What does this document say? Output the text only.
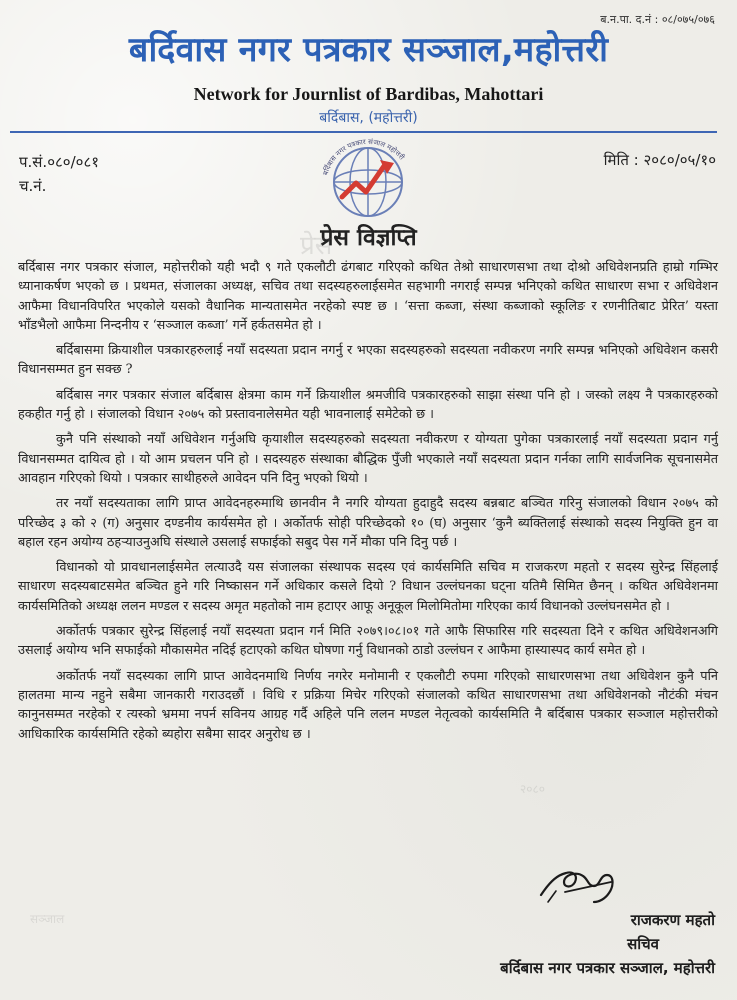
ब.न.पा. द.नं : ०८/०७५/०७६
बर्दिवास नगर पत्रकार सञ्जाल,महोत्तरी
Network for Journlist of Bardibas, Mahottari
बर्दिबास, (महोत्तरी)
प.सं.०८०/०८१
च.नं.
मिति : २०८०/०५/१०
बर्दिबास नगर पत्रकार संजाल महोत्तरी
प्रेस विज्ञप्ति

बर्दिबास नगर पत्रकार संजाल, महोत्तरीको यही भदौ ९ गते एकलौटी ढंगबाट गरिएको कथित तेश्रो साधारणसभा तथा दोश्रो अधिवेशनप्रति हाम्रो गम्भिर ध्यानाकर्षण भएको छ । प्रथमत, संजालका अध्यक्ष, सचिव तथा सदस्यहरुलाईसमेत सहभागी नगराई सम्पन्न भनिएको कथित साधारण सभा र अधिवेशन आफैमा विधानविपरित भएकोले यसको वैधानिक मान्यतासमेत नरहेको स्पष्ट छ । ‘सत्ता कब्जा, संस्था कब्जाको स्कूलिङ र रणनीतिबाट प्रेरित’ यस्ता भाँडभैलो आफैमा निन्दनीय र ‘सञ्जाल कब्जा’ गर्ने हर्कतसमेत हो ।

बर्दिबासमा क्रियाशील पत्रकारहरुलाई नयाँ सदस्यता प्रदान नगर्नु र भएका सदस्यहरुको सदस्यता नवीकरण नगरि सम्पन्न भनिएको अधिवेशन कसरी विधानसम्मत हुन सक्छ ?

बर्दिबास नगर पत्रकार संजाल बर्दिबास क्षेत्रमा काम गर्ने क्रियाशील श्रमजीवि पत्रकारहरुको साझा संस्था पनि हो । जस्को लक्ष्य नै पत्रकारहरुको हकहीत गर्नु हो । संजालको विधान २०७५ को प्रस्तावनालेसमेत यही भावनालाई समेटेको छ ।

कुनै पनि संस्थाको नयाँ अधिवेशन गर्नुअघि कृयाशील सदस्यहरुको सदस्यता नवीकरण र योग्यता पुगेका पत्रकारलाई नयाँ सदस्यता प्रदान गर्नु विधानसम्मत दायित्व हो । यो आम प्रचलन पनि हो । सदस्यहरु संस्थाका बौद्धिक पुँजी भएकाले नयाँ सदस्यता प्रदान गर्नका लागि सार्वजनिक सूचनासमेत आवहान गरिएको थियो । पत्रकार साथीहरुले आवेदन पनि दिनु भएको थियो ।

तर नयाँ सदस्यताका लागि प्राप्त आवेदनहरुमाथि छानवीन नै नगरि योग्यता हुदाहुदै सदस्य बन्नबाट बञ्चित गरिनु संजालको विधान २०७५ को परिच्छेद ३ को २ (ग) अनुसार दण्डनीय कार्यसमेत हो । अर्कोतर्फ सोही परिच्छेदको १० (घ) अनुसार ‘कुनै ब्यक्तिलाई संस्थाको सदस्य नियुक्ति हुन वा बहाल रहन अयोग्य ठहऱ्याउनुअघि संस्थाले उसलाई सफाईको सबुद पेस गर्ने मौका पनि दिनु पर्छ ।

विधानको यो प्रावधानलाईसमेत लत्याउदै यस संजालका संस्थापक सदस्य एवं कार्यसमिति सचिव म राजकरण महतो र सदस्य सुरेन्द्र सिंहलाई साधारण सदस्यबाटसमेत बञ्चित हुने गरि निष्कासन गर्ने अधिकार कसले दियो ? विधान उल्लंघनका घट्ना यतिमै सिमित छैनन् । कथित अधिवेशनमा कार्यसमितिको अध्यक्ष ललन मण्डल र सदस्य अमृत महतोको नाम हटाएर आफू अनूकूल मिलोमितोमा गरिएका कार्य विधानको उल्लंघनसमेत हो ।

अर्कोतर्फ पत्रकार सुरेन्द्र सिंहलाई नयाँ सदस्यता प्रदान गर्न मिति २०७९।०८।०१ गते आफै सिफारिस गरि सदस्यता दिने र कथित अधिवेशनअगि उसलाई अयोग्य भनि सफाईको मौकासमेत नदिई हटाएको कथित घोषणा गर्नु विधानको ठाडो उल्लंघन र आफैमा हास्यास्पद कार्य समेत हो ।

अर्कोतर्फ नयाँ सदस्यका लागि प्राप्त आवेदनमाथि निर्णय नगरेर मनोमानी र एकलौटी रुपमा गरिएको साधारणसभा तथा अधिवेशन कुनै पनि हालतमा मान्य नहुने सबैमा जानकारी गराउदछौं । विधि र प्रक्रिया मिचेर गरिएको संजालको कथित साधारणसभा तथा अधिवेशनको नौटंकी मंचन कानुनसम्मत नरहेको र त्यस्को भ्रममा नपर्न सविनय आग्रह गर्दै अहिले पनि ललन मण्डल नेतृत्वको कार्यसमिति नै बर्दिबास पत्रकार सञ्जाल महोत्तरीको आधिकारिक कार्यसमिति रहेको ब्यहोरा सबैमा सादर अनुरोध छ ।

राजकरण महतो
सचिव
बर्दिबास नगर पत्रकार सञ्जाल, महोत्तरी
प्रेस
२०८०
सञ्जाल
